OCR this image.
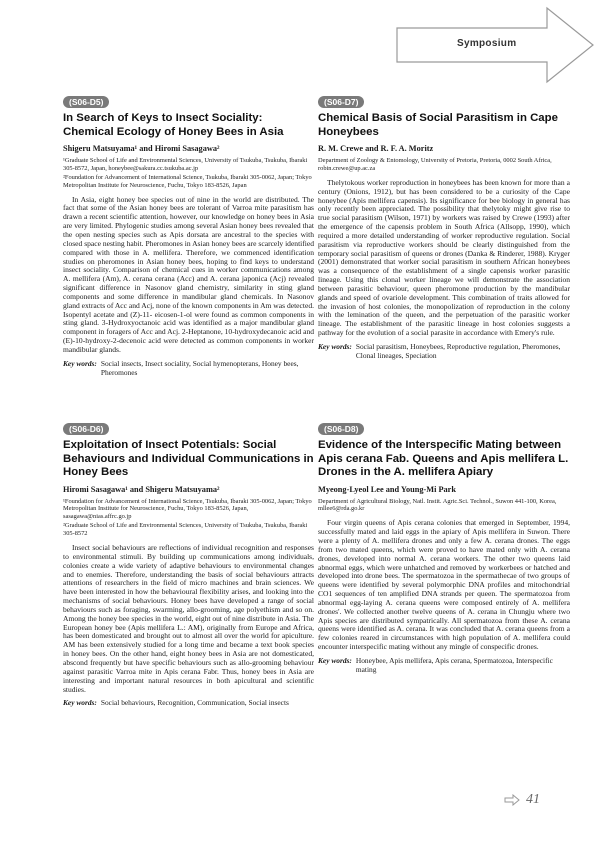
Symposium
(S06-D5)
In Search of Keys to Insect Sociality: Chemical Ecology of Honey Bees in Asia
Shigeru Matsuyama¹ and Hiromi Sasagawa²
¹Graduate School of Life and Environmental Sciences, University of Tsukuba, Tsukuba, Ibaraki 305-8572, Japan, honeybee@sakura.cc.tsukuba.ac.jp
²Foundation for Advancement of International Science, Tsukuba, Ibaraki 305-0062, Japan; Tokyo Metropolitan Institute for Neuroscience, Fuchu, Tokyo 183-8526, Japan

In Asia, eight honey bee species out of nine in the world are distributed. The fact that some of the Asian honey bees are tolerant of Varroa mite parasitism has drawn a recent scientific attention, however, our knowledge on honey bees in Asia are very limited. Phylogenic studies among several Asian honey bees revealed that the open nesting species such as Apis dorsata are ancestral to the species with closed space nesting habit. Pheromones in Asian honey bees are scarcely identified compared with those in A. mellifera. Therefore, we commenced identification studies on pheromones in Asian honey bees, hoping to find keys to understand insect sociality. Comparison of chemical cues in worker communications among A. mellifera (Am), A. cerana cerana (Acc) and A. cerana japonica (Acj) revealed significant difference in Nasonov gland chemistry, similarity in sting gland components and some difference in mandibular gland chemicals. In Nasonov gland extracts of Acc and Acj, none of the known components in Am was detected. Isopentyl acetate and (Z)-11- eicosen-1-ol were found as common components in sting gland. 3-Hydroxyoctanoic acid was identified as a major mandibular gland component in foragers of Acc and Acj. 2-Heptanone, 10-hydroxydecanoic acid and (E)-10-hydroxy-2-decenoic acid were detected as common components in worker mandibular glands.

Key words: Social insects, Insect sociality, Social hymenopterans, Honey bees, Pheromones
(S06-D6)
Exploitation of Insect Potentials: Social Behaviours and Individual Communications in Honey Bees
Hiromi Sasagawa¹ and Shigeru Matsuyama²
¹Foundation for Advancement of International Science, Tsukuba, Ibaraki 305-0062, Japan; Tokyo Metropolitan Institute for Neuroscience, Fuchu, Tokyo 183-8526, Japan, sasagawa@nias.affrc.go.jp
²Graduate School of Life and Environmental Sciences, University of Tsukuba, Tsukuba, Ibaraki 305-8572

Insect social behaviours are reflections of individual recognition and responses to environmental stimuli. By building up communications among individuals, colonies create a wide variety of adaptive behaviours to environmental changes and to enemies. Therefore, understanding the basis of social behaviours attracts attentions of researchers in the field of micro machines and brain sciences. We have been interested in how the behavioural flexibility arises, and looking into the mechanisms of social behaviours. Honey bees have developed a range of social behaviours such as foraging, swarming, allo-grooming, age polyethism and so on. Among the honey bee species in the world, eight out of nine distribute in Asia. The European honey bee (Apis mellifera L.: AM), originally from Europe and Africa, has been domesticated and brought out to almost all over the world for apiculture. AM has been extensively studied for a long time and became a text book species in honey bees. On the other hand, eight honey bees in Asia are not domesticated, abscond frequently but have specific behaviours such as allo-grooming behaviour against parasitic Varroa mite in Apis cerana Fabr. Thus, honey bees in Asia are interesting and important natural resources in both apicultural and scientific studies.

Key words: Social behaviours, Recognition, Communication, Social insects
(S06-D7)
Chemical Basis of Social Parasitism in Cape Honeybees
R. M. Crewe and R. F. A. Moritz
Department of Zoology & Entomology, University of Pretoria, Pretoria, 0002 South Africa, robin.crewe@up.ac.za

Thelytokous worker reproduction in honeybees has been known for more than a century (Onions, 1912), but has been considered to be a curiosity of the Cape honeybee (Apis mellifera capensis). Its significance for bee biology in general has only recently been appreciated. The possibility that thelytoky might give rise to true social parasitism (Wilson, 1971) by workers was raised by Crewe (1993) after the emergence of the capensis problem in South Africa (Allsopp, 1990), which required a more detailed understanding of worker reproductive regulation. Social parasitism via reproductive workers should be clearly distinguished from the temporary social parasitism of queens or drones (Danka & Rinderer, 1988). Kryger (2001) demonstrated that worker social parasitism in southern African honeybees was a consequence of the establishment of a single capensis worker parasitic lineage. Using this clonal worker lineage we will demonstrate the association between parasitic behaviour, queen pheromone production by the mandibular glands and speed of ovariole development. This combination of traits allowed for the invasion of host colonies, the monopolization of reproduction in the colony with the lemination of the queen, and the perpetuation of the parasitic worker lineage. The establishment of the parasitic lineage in host colonies suggests a pathway for the evolution of a social parasite in accordance with Emery's rule.

Key words: Social parasitism, Honeybees, Reproductive regulation, Pheromones, Clonal lineages, Speciation
(S06-D8)
Evidence of the Interspecific Mating between Apis cerana Fab. Queens and Apis mellifera L. Drones in the A. mellifera Apiary
Myeong-Lyeol Lee and Young-Mi Park
Department of Agricultural Biology, Natl. Instit. Agric.Sci. Technol., Suwon 441-100, Korea, mllee6@rda.go.kr

Four virgin queens of Apis cerana colonies that emerged in September, 1994, successfully mated and laid eggs in the apiary of Apis mellifera in Suwon. There were a plenty of A. mellifera drones and only a few A. cerana drones. The eggs from two mated queens, which were proved to have mated only with A. cerana drones, developed into normal A. cerana workers. The other two queens laid abnormal eggs, which were unhatched and removed by workerbees or hatched and developed into drone bees. The spermatozoa in the spermathecae of two groups of queens were identified by several polymorphic DNA profiles and mitochondrial CO1 sequences of ten amplified DNA strands per queen. The spermatozoa from abnormal egg-laying A. cerana queens were composed entirely of A. mellifera drones'. We collected another twelve queens of A. cerana in Chungju where two Apis species are distributed sympatrically. All spermatozoa from these A. cerana queens were identified as A. cerana. It was concluded that A. cerana queens from a few colonies reared in circumstances with high population of A. mellifera could encounter interspecific mating without any mingle of conspecific drones.

Key words: Honeybee, Apis mellifera, Apis cerana, Spermatozoa, Interspecific mating
41
